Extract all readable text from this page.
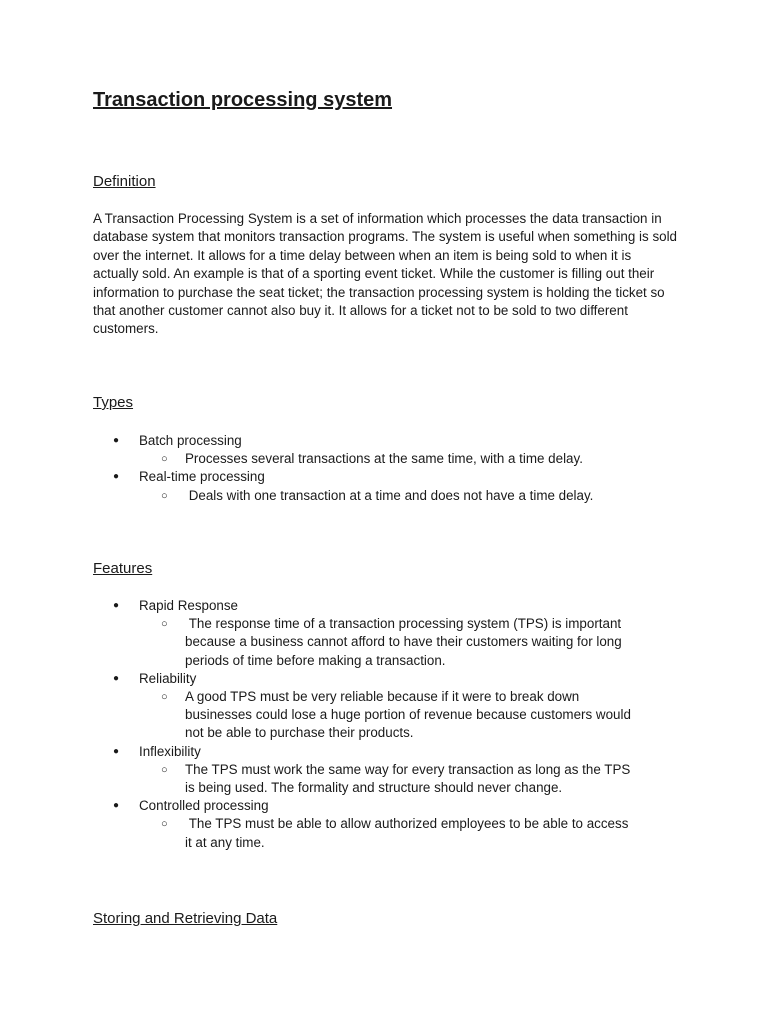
Transaction processing system
Definition

A Transaction Processing System is a set of information which processes the data transaction in database system that monitors transaction programs. The system is useful when something is sold over the internet. It allows for a time delay between when an item is being sold to when it is actually sold. An example is that of a sporting event ticket. While the customer is filling out their information to purchase the seat ticket; the transaction processing system is holding the ticket so that another customer cannot also buy it. It allows for a ticket not to be sold to two different customers.

Types
● Batch processing
○ Processes several transactions at the same time, with a time delay.
● Real-time processing
○  Deals with one transaction at a time and does not have a time delay.
Features
● Rapid Response
○  The response time of a transaction processing system (TPS) is important because a business cannot afford to have their customers waiting for long periods of time before making a transaction.
● Reliability
○ A good TPS must be very reliable because if it were to break down businesses could lose a huge portion of revenue because customers would not be able to purchase their products.
● Inflexibility
○ The TPS must work the same way for every transaction as long as the TPS is being used. The formality and structure should never change.
● Controlled processing
○  The TPS must be able to allow authorized employees to be able to access it at any time.
Storing and Retrieving Data
